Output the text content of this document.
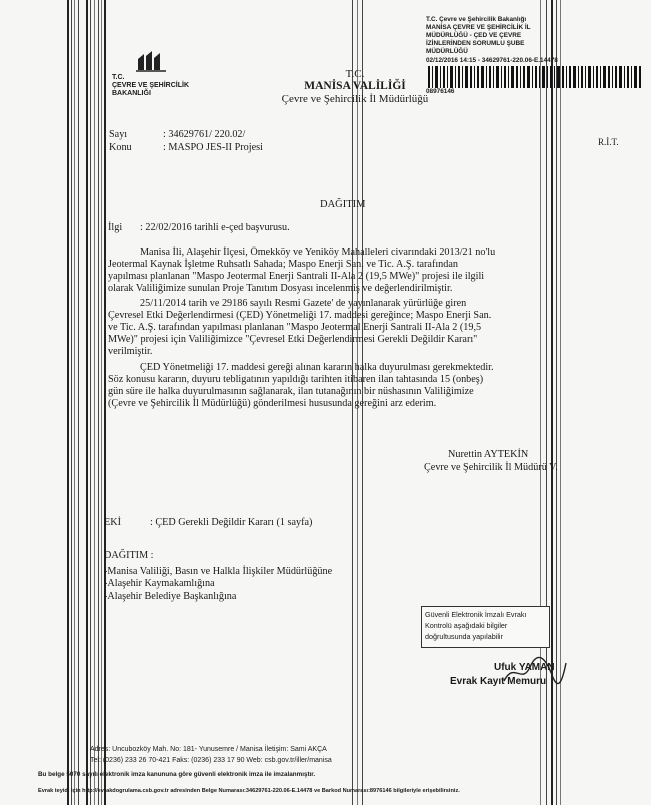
T.C.
ÇEVRE VE ŞEHİRCİLİK
BAKANLIĞI
T.C.
MANİSA VALİLİĞİ
Çevre ve Şehircilik İl Müdürlüğü
T.C. Çevre ve Şehircilik Bakanlığı
MANİSA ÇEVRE VE ŞEHİRCİLİK İL
MÜDÜRLÜĞÜ - ÇED VE ÇEVRE
İZİNLERİNDEN SORUMLU ŞUBE
MÜDÜRLÜĞÜ
02/12/2016 14:15 - 34629761-220.06-E.14478
08976146
Sayı	: 34629761/ 220.02/
Konu	: MASPO JES-II Projesi	R.İ.T.
DAĞITIM
İlgi       : 22/02/2016 tarihli e-çed başvurusu.
Manisa İli, Alaşehir İlçesi, Ömekköy ve Yeniköy Mahalleleri civarındaki 2013/21 no'lu
Jeotermal Kaynak İşletme Ruhsatlı Sahada; Maspo Enerji San. ve Tic. A.Ş. tarafından
yapılması planlanan "Maspo Jeotermal Enerji Santrali II-Ala 2 (19,5 MWe)" projesi ile ilgili
olarak Valiliğimize sunulan Proje Tanıtım Dosyası incelenmiş ve değerlendirilmiştir.
25/11/2014 tarih ve 29186 sayılı Resmi Gazete' de yayınlanarak yürürlüğe giren
Çevresel Etki Değerlendirmesi (ÇED) Yönetmeliği 17. maddesi gereğince; Maspo Enerji San.
ve Tic. A.Ş. tarafından yapılması planlanan "Maspo Jeotermal Enerji Santrali II-Ala 2 (19,5
MWe)" projesi için Valiliğimizce "Çevresel Etki Değerlendirmesi Gerekli Değildir Kararı"
verilmiştir.
ÇED Yönetmeliği 17. maddesi gereği alınan kararın halka duyurulması gerekmektedir.
Söz konusu kararın, duyuru tebligatının yapıldığı tarihten itibaren ilan tahtasında 15 (onbeş)
gün süre ile halka duyurulmasının sağlanarak, ilan tutanağının bir nüshasının Valiliğimize
(Çevre ve Şehircilik İl Müdürlüğü) gönderilmesi hususunda gereğini arz ederim.
Nurettin AYTEKİN
Çevre ve Şehircilik İl Müdürü V.
EKİ	: ÇED Gerekli Değildir Kararı (1 sayfa)
DAĞITIM :
-Manisa Valiliği, Basın ve Halkla İlişkiler Müdürlüğüne
-Alaşehir Kaymakamlığına
-Alaşehir Belediye Başkanlığına
Güvenli Elektronik İmzalı Evrakı
Kontrolü aşağıdaki bilgiler
doğrultusunda yapılabilir
Ufuk YAMAN
Evrak Kayıt Memuru
Adres: Uncubozköy Mah. No: 181- Yunusemre / Manisa İletişim: Sami AKÇA
Tel: (0236) 233 26 70-421 Faks: (0236) 233 17 90 Web: csb.gov.tr/iller/manisa
Bu belge 5070 sayılı elektronik imza kanununa göre güvenli elektronik imza ile imzalanmıştır.
Evrak teyidi için http://evrakdogrulama.csb.gov.tr adresinden Belge Numarası:34629761-220.06-E.14478 ve Barkod Numarası:8976146 bilgileriyle erişebilirsiniz.
